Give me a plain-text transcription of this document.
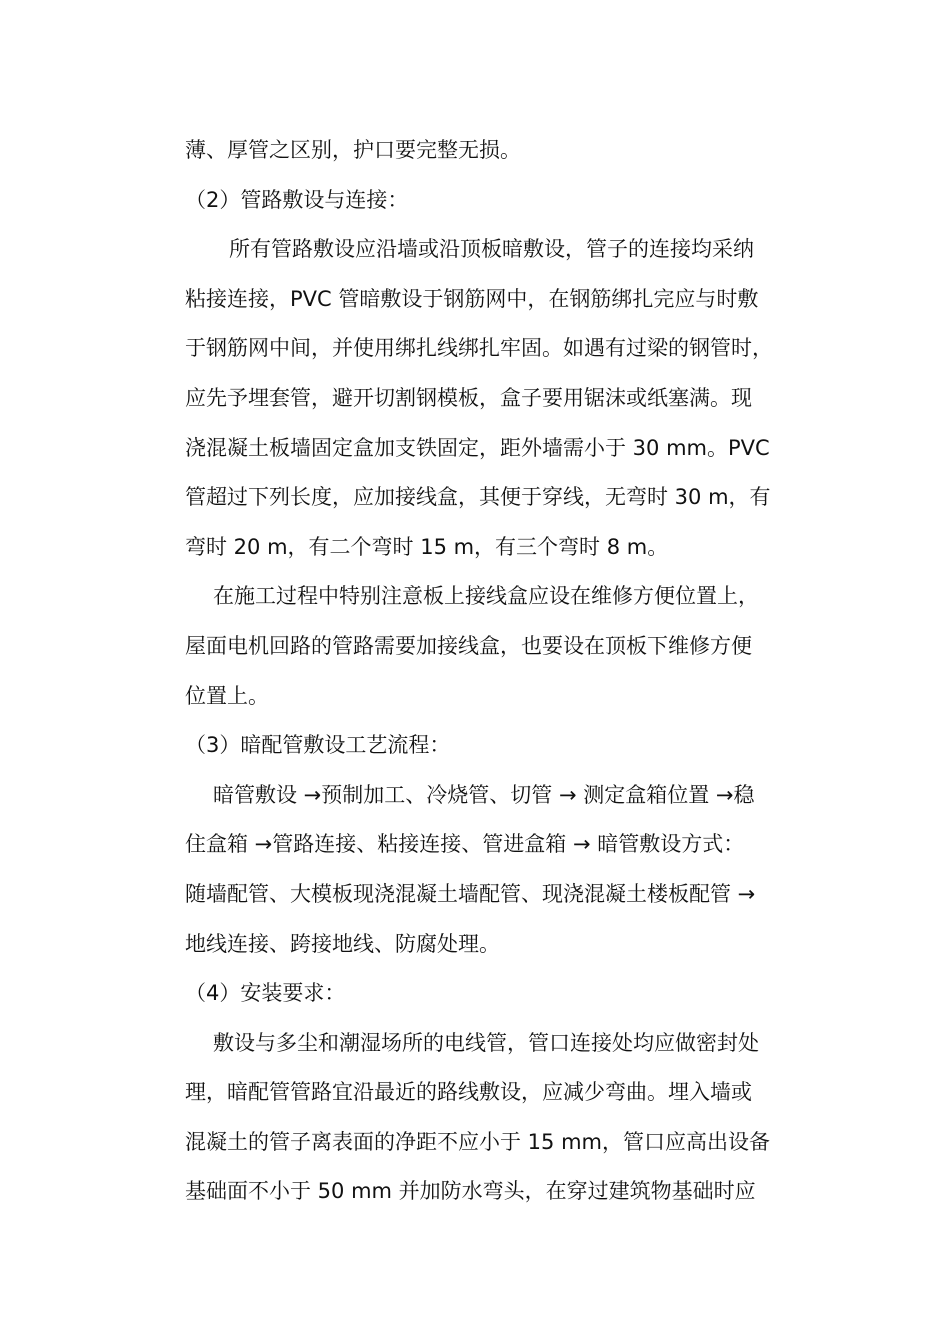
薄、厚管之区别，护口要完整无损。
（2）管路敷设与连接：
所有管路敷设应沿墙或沿顶板暗敷设，管子的连接均采纳
粘接连接，PVC 管暗敷设于钢筋网中，在钢筋绑扎完应与时敷
于钢筋网中间，并使用绑扎线绑扎牢固。如遇有过梁的钢管时，
应先予埋套管，避开切割钢模板，盒子要用锯沫或纸塞满。现
浇混凝土板墙固定盒加支铁固定，距外墙需小于 30 mm。PVC
管超过下列长度，应加接线盒，其便于穿线，无弯时 30 m，有
弯时 20 m，有二个弯时 15 m，有三个弯时 8 m。
在施工过程中特别注意板上接线盒应设在维修方便位置上，
屋面电机回路的管路需要加接线盒，也要设在顶板下维修方便
位置上。
（3）暗配管敷设工艺流程：
暗管敷设 →预制加工、冷烧管、切管 → 测定盒箱位置 →稳
住盒箱 →管路连接、粘接连接、管进盒箱 → 暗管敷设方式：
随墙配管、大模板现浇混凝土墙配管、现浇混凝土楼板配管 →
地线连接、跨接地线、防腐处理。
（4）安装要求：
敷设与多尘和潮湿场所的电线管，管口连接处均应做密封处
理，暗配管管路宜沿最近的路线敷设，应减少弯曲。埋入墙或
混凝土的管子离表面的净距不应小于 15 mm，管口应高出设备
基础面不小于 50 mm 并加防水弯头，在穿过建筑物基础时应
